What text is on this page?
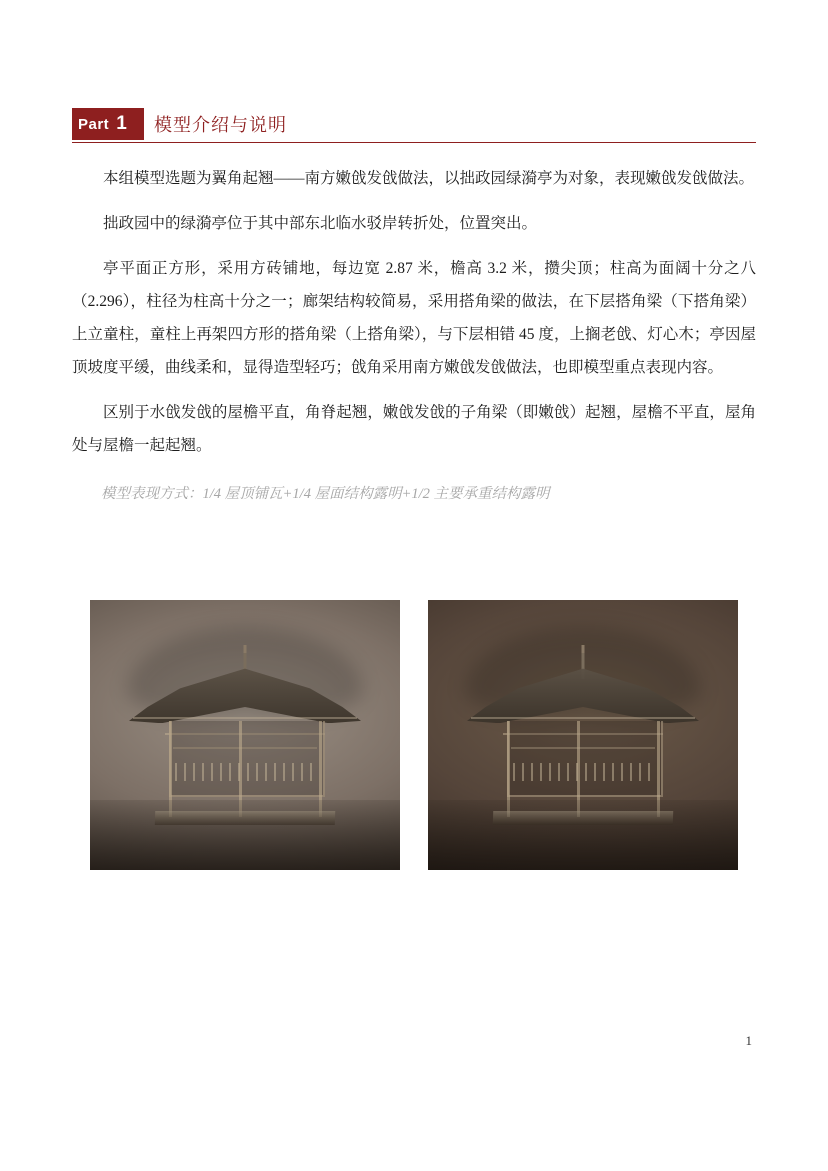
Part 1 模型介绍与说明

本组模型选题为翼角起翘——南方嫩戗发戗做法，以拙政园绿漪亭为对象，表现嫩戗发戗做法。

拙政园中的绿漪亭位于其中部东北临水驳岸转折处，位置突出。

亭平面正方形，采用方砖铺地，每边宽 2.87 米，檐高 3.2 米，攒尖顶；柱高为面阔十分之八（2.296），柱径为柱高十分之一；廊架结构较简易，采用搭角梁的做法，在下层搭角梁（下搭角梁）上立童柱，童柱上再架四方形的搭角梁（上搭角梁），与下层相错 45 度，上搁老戗、灯心木；亭因屋顶坡度平缓，曲线柔和，显得造型轻巧；戗角采用南方嫩戗发戗做法，也即模型重点表现内容。

区别于水戗发戗的屋檐平直，角脊起翘，嫩戗发戗的子角梁（即嫩戗）起翘，屋檐不平直，屋角处与屋檐一起起翘。

模型表现方式：1/4 屋顶铺瓦+1/4 屋面结构露明+1/2 主要承重结构露明

1
